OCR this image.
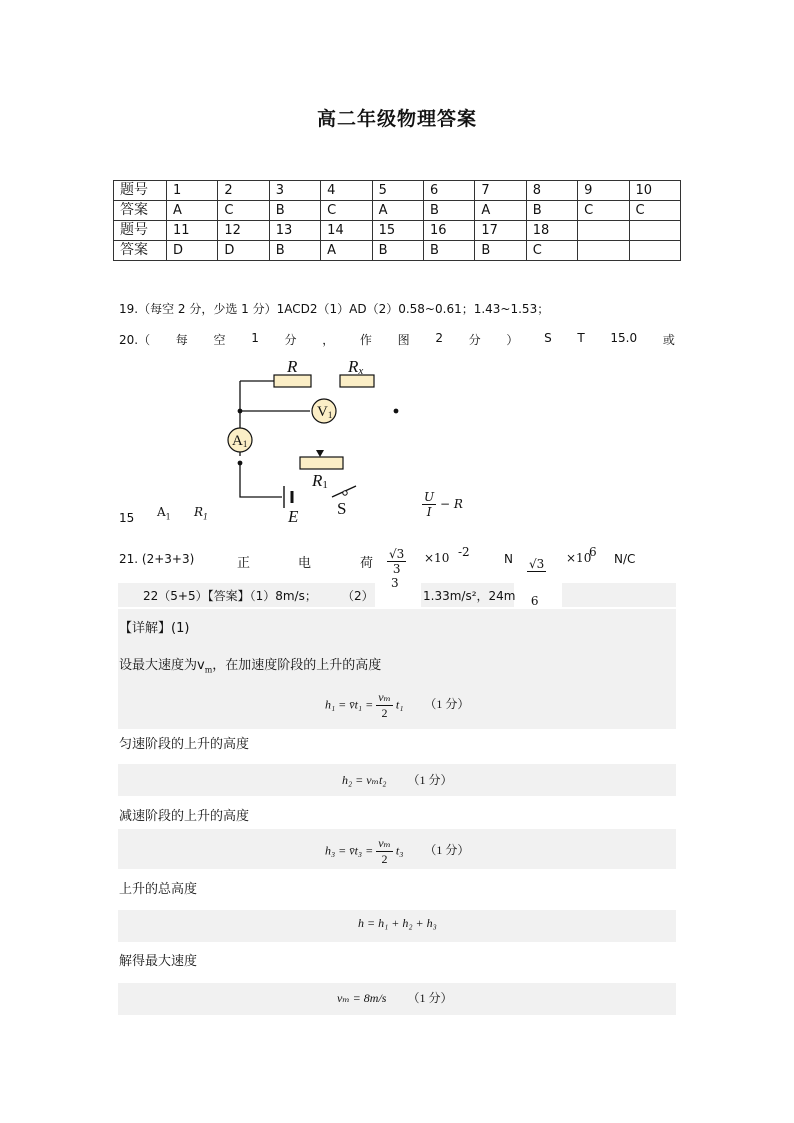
高二年级物理答案
题号	1	2	3	4	5	6	7	8	9	10
答案	A	C	B	C	A	B	A	B	C	C
题号	11	12	13	14	15	16	17	18		
答案	D	D	B	A	B	B	B	C		
19.（每空 2 分，少选 1 分）1ACD2（1）AD（2）0.58~0.61；1.43~1.53；
20.（ 每 空 1 分 ， 作 图 2 分 ） S T 15.0 或
R	Rx
R1
E
V1
A1
S
15 $A_1$ $R_1$	$\frac{U}{I} - R$
21. (2+3+3)	正	电	荷 $\frac{√3}{3} \times 10$ -2	N √3 ×10
6 N/C
22（5+5）【答案】（1）8m/s； （2）
3
1.33m/s²，24m 6
【详解】(1)
设最大速度为$v_m$，在加速度阶段的上升的高度
h₁ = v̄t₁ = $\frac{\text{vₘ}}{2} t_1$ （1 分）
匀速阶段的上升的高度
h₂ = vₘt₂ （1 分）
减速阶段的上升的高度
h₃ = v̄t₃ = $\frac{\text{vₘ}}{2} t_3$ （1 分）
上升的总高度
h = h₁ + h₂ + h₃
解得最大速度
vₘ = 8m/s （1 分）
